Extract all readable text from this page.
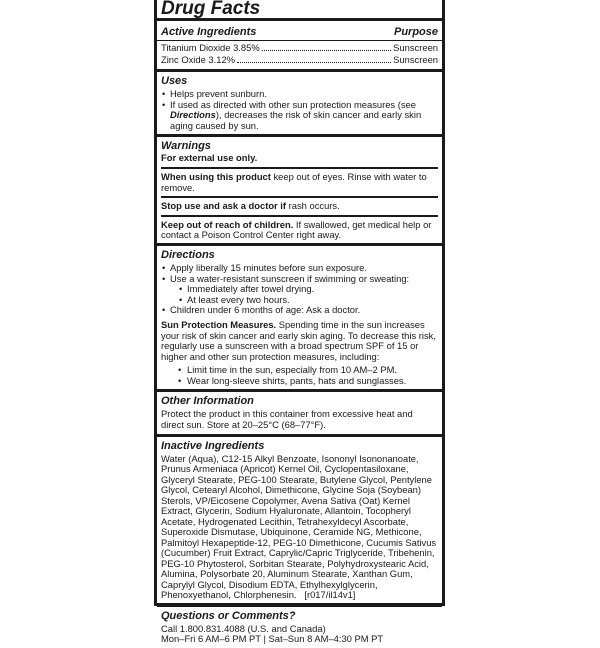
Drug Facts
Active Ingredients	Purpose
Titanium Dioxide 3.85%	Sunscreen
Zinc Oxide 3.12%	Sunscreen
Uses
• Helps prevent sunburn.
• If used as directed with other sun protection measures (see Directions), decreases the risk of skin cancer and early skin aging caused by sun.
Warnings
For external use only.
When using this product keep out of eyes. Rinse with water to remove.
Stop use and ask a doctor if rash occurs.
Keep out of reach of children. If swallowed, get medical help or contact a Poison Control Center right away.
Directions
• Apply liberally 15 minutes before sun exposure.
• Use a water-resistant sunscreen if swimming or sweating:
• Immediately after towel drying.
• At least every two hours.
• Children under 6 months of age: Ask a doctor.
Sun Protection Measures. Spending time in the sun increases your risk of skin cancer and early skin aging. To decrease this risk, regularly use a sunscreen with a broad spectrum SPF of 15 or higher and other sun protection measures, including:
• Limit time in the sun, especially from 10 AM–2 PM.
• Wear long-sleeve shirts, pants, hats and sunglasses.
Other Information
Protect the product in this container from excessive heat and direct sun. Store at 20–25°C (68–77°F).
Inactive Ingredients
Water (Aqua), C12-15 Alkyl Benzoate, Isononyl Isononanoate, Prunus Armeniaca (Apricot) Kernel Oil, Cyclopentasiloxane, Glyceryl Stearate, PEG-100 Stearate, Butylene Glycol, Pentylene Glycol, Cetearyl Alcohol, Dimethicone, Glycine Soja (Soybean) Sterols, VP/Eicosene Copolymer, Avena Sativa (Oat) Kernel Extract, Glycerin, Sodium Hyaluronate, Allantoin, Tocopheryl Acetate, Hydrogenated Lecithin, Tetrahexyldecyl Ascorbate, Superoxide Dismutase, Ubiquinone, Ceramide NG, Methicone, Palmitoyl Hexapeptide-12, PEG-10 Dimethicone, Cucumis Sativus (Cucumber) Fruit Extract, Caprylic/Capric Triglyceride, Tribehenin, PEG-10 Phytosterol, Sorbitan Stearate, Polyhydroxystearic Acid, Alumina, Polysorbate 20, Aluminum Stearate, Xanthan Gum, Caprylyl Glycol, Disodium EDTA, Ethylhexylglycerin, Phenoxyethanol, Chlorphenesin. [r017/il14v1]
Questions or Comments?
Call 1.800.831.4088 (U.S. and Canada)
Mon–Fri 6 AM–6 PM PT | Sat–Sun 8 AM–4:30 PM PT
